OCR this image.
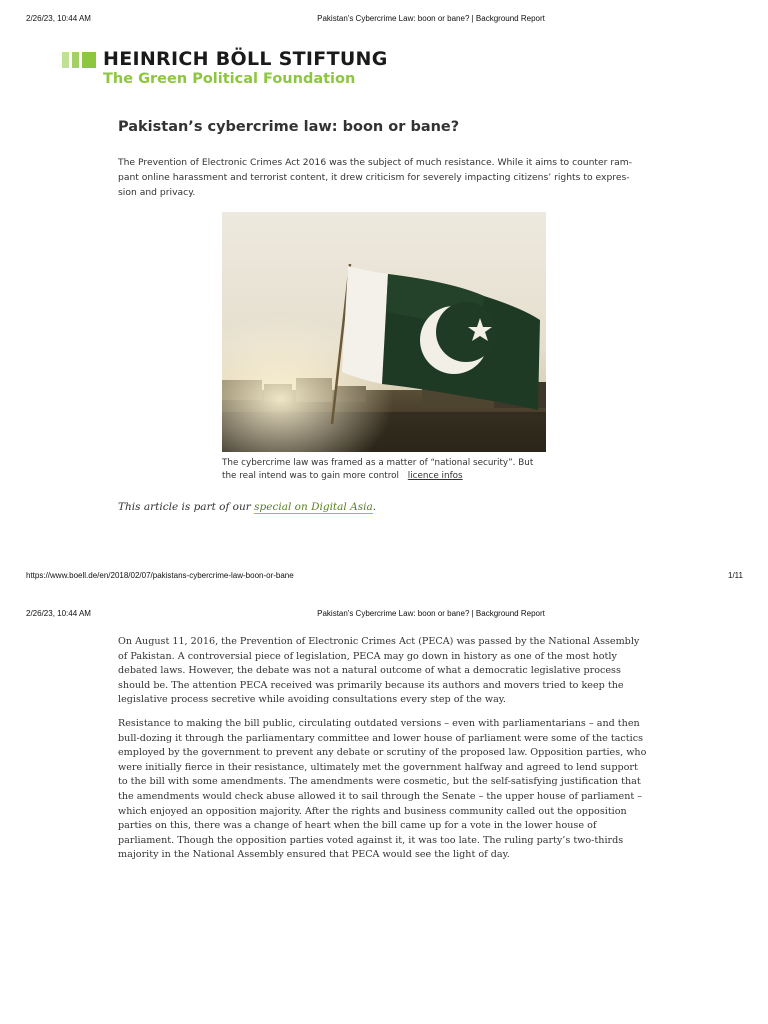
2/26/23, 10:44 AM	Pakistan's Cybercrime Law: boon or bane? | Background Report
HEINRICH BÖLL STIFTUNG
The Green Political Foundation
Pakistan’s cybercrime law: boon or bane?
The Prevention of Electronic Crimes Act 2016 was the subject of much resistance. While it aims to counter ram-pant online harassment and terrorist content, it drew criticism for severely impacting citizens’ rights to expres-sion and privacy.
The cybercrime law was framed as a matter of “national security”. But the real intend was to gain more control licence infos
This article is part of our special on Digital Asia.
https://www.boell.de/en/2018/02/07/pakistans-cybercrime-law-boon-or-bane	1/11
2/26/23, 10:44 AM	Pakistan's Cybercrime Law: boon or bane? | Background Report
On August 11, 2016, the Prevention of Electronic Crimes Act (PECA) was passed by the National Assembly of Pakistan. A controversial piece of legislation, PECA may go down in history as one of the most hotly debated laws. However, the debate was not a natural outcome of what a democratic legislative process should be. The attention PECA received was primarily because its authors and movers tried to keep the legislative process secretive while avoiding consultations every step of the way.
Resistance to making the bill public, circulating outdated versions – even with parliamentarians – and then bull-dozing it through the parliamentary committee and lower house of parliament were some of the tactics employed by the government to prevent any debate or scrutiny of the proposed law. Opposition parties, who were initially fierce in their resistance, ultimately met the government halfway and agreed to lend support to the bill with some amendments. The amendments were cosmetic, but the self-satisfying justification that the amendments would check abuse allowed it to sail through the Senate – the upper house of parliament – which enjoyed an opposition majority. After the rights and business community called out the opposition parties on this, there was a change of heart when the bill came up for a vote in the lower house of parliament. Though the opposition parties voted against it, it was too late. The ruling party’s two-thirds majority in the National Assembly ensured that PECA would see the light of day.
